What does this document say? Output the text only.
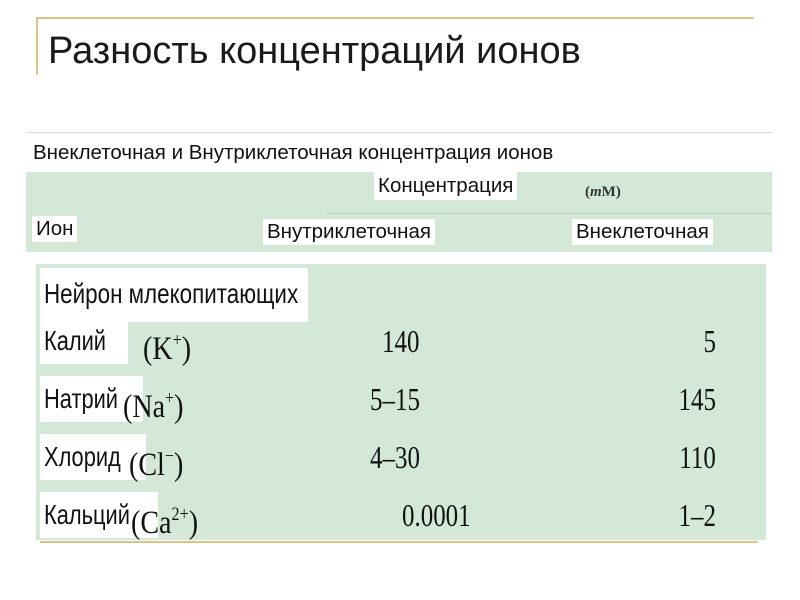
Разность концентраций ионов
Внеклеточная и Внутриклеточная концентрация ионов
Концентрация	(mM)
Ион	Внутриклеточная	Внеклеточная
Нейрон млекопитающих
Калий	(K+)	140	5
Натрий (Na+)	5–15	145
Хлорид (Cl−)	4–30	110
Кальций $(Ca^{2+})$	0.0001	1–2
